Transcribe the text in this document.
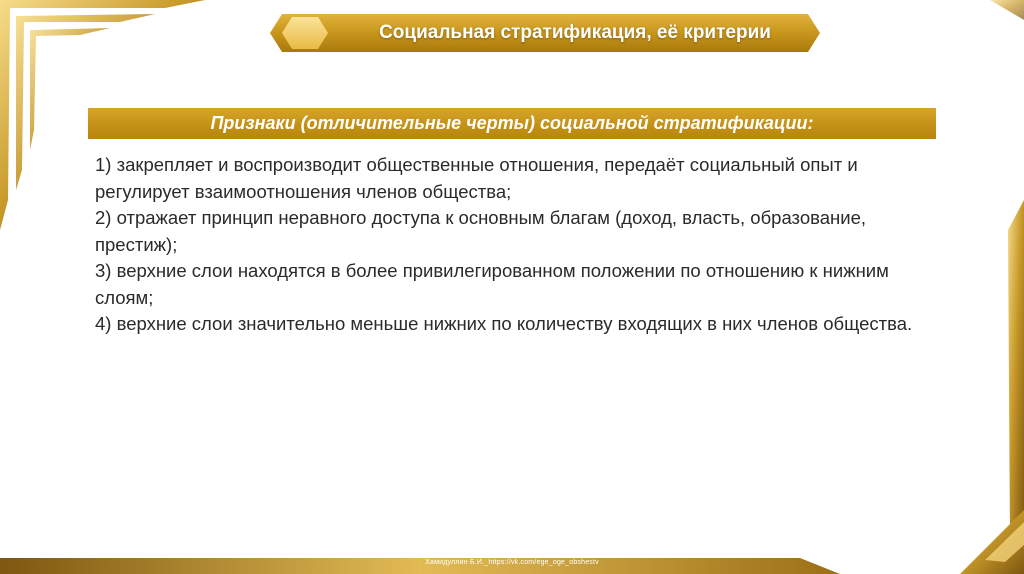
Социальная стратификация, её критерии
Признаки (отличительные черты) социальной стратификации:
1) закрепляет и воспроизводит общественные отношения, передаёт социальный опыт и регулирует взаимоотношения членов общества;
2) отражает принцип неравного доступа к основным благам (доход, власть, образование, престиж);
3) верхние слои находятся в более привилегированном положении по отношению к нижним слоям;
4) верхние слои значительно меньше нижних по количеству входящих в них членов общества.
Хамидуллин Б.И._https://vk.com/ege_oge_obshestv
